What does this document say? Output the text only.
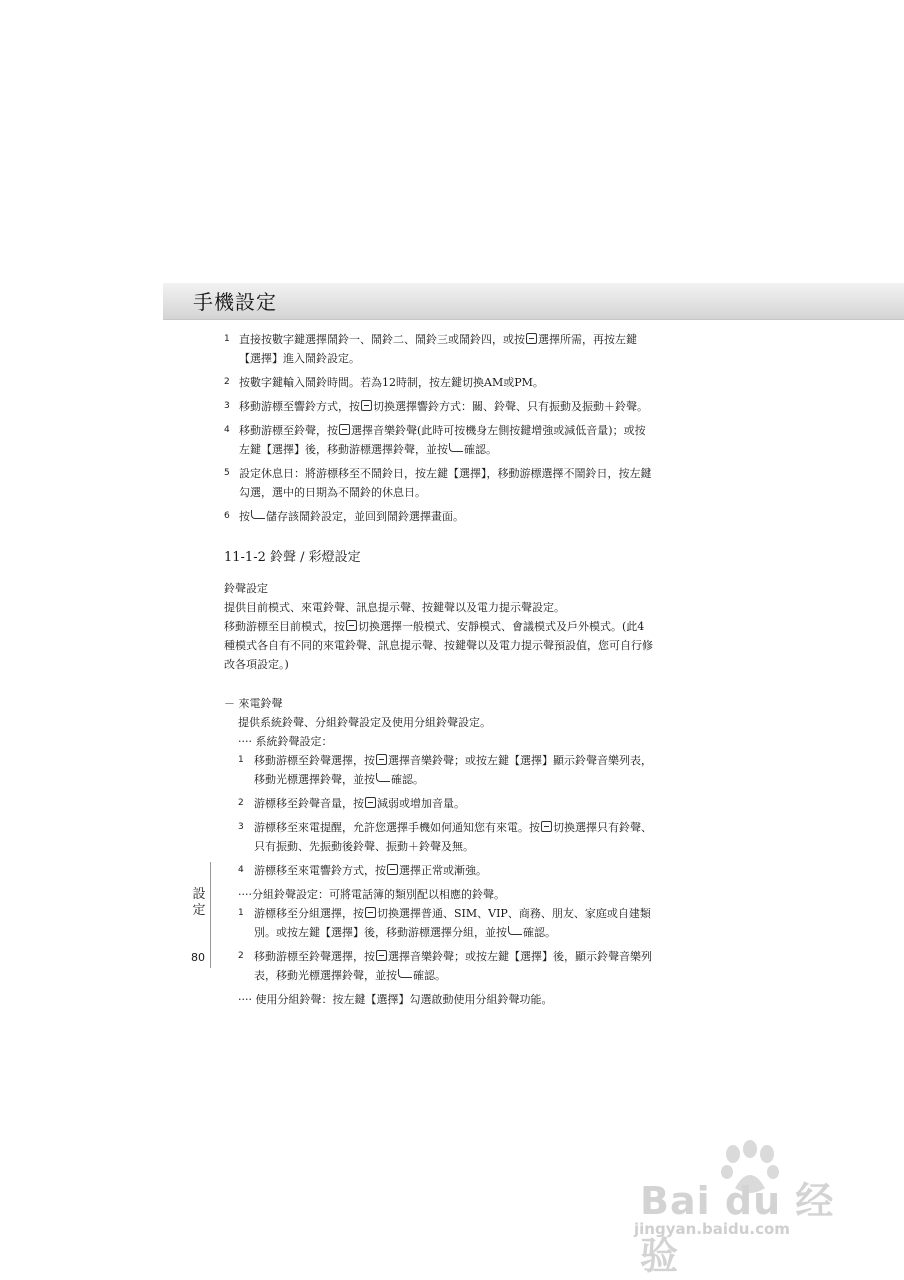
手機設定
1 直接按數字鍵選擇鬧鈴一、鬧鈴二、鬧鈴三或鬧鈴四，或按 選擇所需，再按左鍵
【選擇】進入鬧鈴設定。
2 按數字鍵輸入鬧鈴時間。若為12時制，按左鍵切換AM或PM。
3 移動游標至響鈴方式，按 切換選擇響鈴方式：關、鈴聲、只有振動及振動＋鈴聲。
4 移動游標至鈴聲，按 選擇音樂鈴聲(此時可按機身左側按鍵增強或減低音量)；或按
左鍵【選擇】後，移動游標選擇鈴聲，並按 確認。
5 設定休息日：將游標移至不鬧鈴日，按左鍵【選擇】，移動游標選擇不鬧鈴日，按左鍵
勾選，選中的日期為不鬧鈴的休息日。
6 按 儲存該鬧鈴設定，並回到鬧鈴選擇畫面。
11-1-2 鈴聲 / 彩燈設定

鈴聲設定

提供目前模式、來電鈴聲、訊息提示聲、按鍵聲以及電力提示聲設定。

移動游標至目前模式，按 切換選擇一般模式、安靜模式、會議模式及戶外模式。(此4
種模式各自有不同的來電鈴聲、訊息提示聲、按鍵聲以及電力提示聲預設值，您可自行修
改各項設定。)

－ 來電鈴聲

提供系統鈴聲、分組鈴聲設定及使用分組鈴聲設定。

···· 系統鈴聲設定：

1 移動游標至鈴聲選擇，按 選擇音樂鈴聲；或按左鍵【選擇】顯示鈴聲音樂列表，
移動光標選擇鈴聲，並按 確認。
2 游標移至鈴聲音量，按 減弱或增加音量。
3 游標移至來電提醒，允許您選擇手機如何通知您有來電。按 切換選擇只有鈴聲、
只有振動、先振動後鈴聲、振動＋鈴聲及無。
4 游標移至來電響鈴方式，按 選擇正常或漸強。

····分組鈴聲設定：可將電話簿的類別配以相應的鈴聲。

1 游標移至分組選擇，按 切換選擇普通、SIM、VIP、商務、朋友、家庭或自建類
別。或按左鍵【選擇】後，移動游標選擇分組，並按 確認。
2 移動游標至鈴聲選擇，按 選擇音樂鈴聲；或按左鍵【選擇】後，顯示鈴聲音樂列
表，移動光標選擇鈴聲，並按 確認。

···· 使用分組鈴聲：按左鍵【選擇】勾選啟動使用分組鈴聲功能。

設定
80
Bai du 经验
jingyan.baidu.com
